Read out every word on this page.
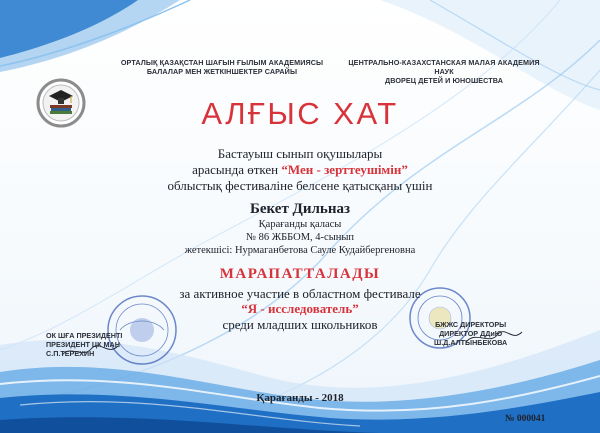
ОРТАЛЫҚ ҚАЗАҚСТАН ШАҒЫН ҒЫЛЫМ АКАДЕМИЯСЫ
БАЛАЛАР МЕН ЖЕТКІНШЕКТЕР САРАЙЫ
ЦЕНТРАЛЬНО-КАЗАХСТАНСКАЯ МАЛАЯ АКАДЕМИЯ НАУК
ДВОРЕЦ ДЕТЕЙ И ЮНОШЕСТВА
АЛҒЫС ХАТ
Бастауыш сынып оқушылары
арасында өткен “Мен - зерттеушімін”
облыстық фестиваліне белсене қатысқаны үшін
Бекет Дильназ
Қарағанды қаласы
№ 86 ЖББОМ, 4-сынып
жетекшісі: Нурмаганбетова Сауле Кудайбергеновна
МАРАПАТТАЛАДЫ
за активное участие в областном фестивале
“Я - исследователь”
среди младших школьников
ОК ШҒА ПРЕЗИДЕНТІ
ПРЕЗИДЕНТ ЦК МАН
С.П.ТЕРЕХИН
БЖЖС ДИРЕКТОРЫ
ДИРЕКТОР ДДиЮ
Ш.Д.АЛТЫНБЕКОВА
Қарағанды - 2018
№ 000041
